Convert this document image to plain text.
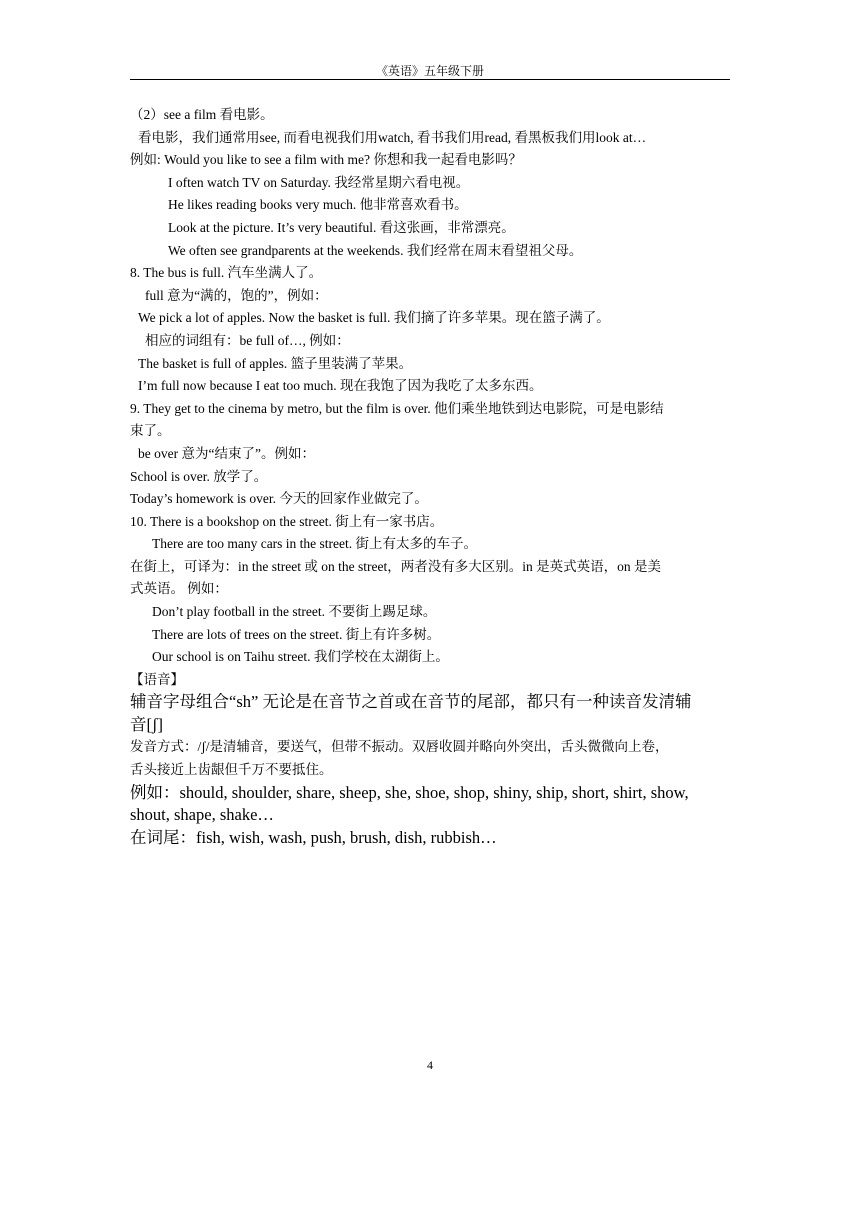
《英语》五年级下册
（2）see a film 看电影。
看电影，我们通常用see, 而看电视我们用watch, 看书我们用read, 看黑板我们用look at…
例如: Would you like to see a film with me? 你想和我一起看电影吗？
I often watch TV on Saturday. 我经常星期六看电视。
He likes reading books very much. 他非常喜欢看书。
Look at the picture. It’s very beautiful. 看这张画，非常漂亮。
We often see grandparents at the weekends. 我们经常在周末看望祖父母。
8. The bus is full. 汽车坐满人了。
full 意为“满的，饱的”，例如：
We pick a lot of apples. Now the basket is full. 我们摘了许多苹果。现在篮子满了。
相应的词组有：be full of…, 例如：
The basket is full of apples. 篮子里装满了苹果。
I’m full now because I eat too much. 现在我饱了因为我吃了太多东西。
9. They get to the cinema by metro, but the film is over. 他们乘坐地铁到达电影院，可是电影结
束了。
be over 意为“结束了”。例如：
School is over. 放学了。
Today’s homework is over. 今天的回家作业做完了。
10. There is a bookshop on the street. 街上有一家书店。
There are too many cars in the street. 街上有太多的车子。
在街上，可译为：in the street 或 on the street，两者没有多大区别。in 是英式英语，on 是美
式英语。 例如：
Don’t play football in the street. 不要街上踢足球。
There are lots of trees on the street. 街上有许多树。
Our school is on Taihu street. 我们学校在太湖街上。
【语音】
辅音字母组合“sh” 无论是在音节之首或在音节的尾部，都只有一种读音发清辅
音[ʃ]
发音方式：/ʃ/是清辅音，要送气，但带不振动。双唇收圆并略向外突出，舌头微微向上卷，
舌头接近上齿龈但千万不要抵住。
例如：should, shoulder, share, sheep, she, shoe, shop, shiny, ship, short, shirt, show,
shout, shape, shake…
在词尾：fish, wish, wash, push, brush, dish, rubbish…
4
